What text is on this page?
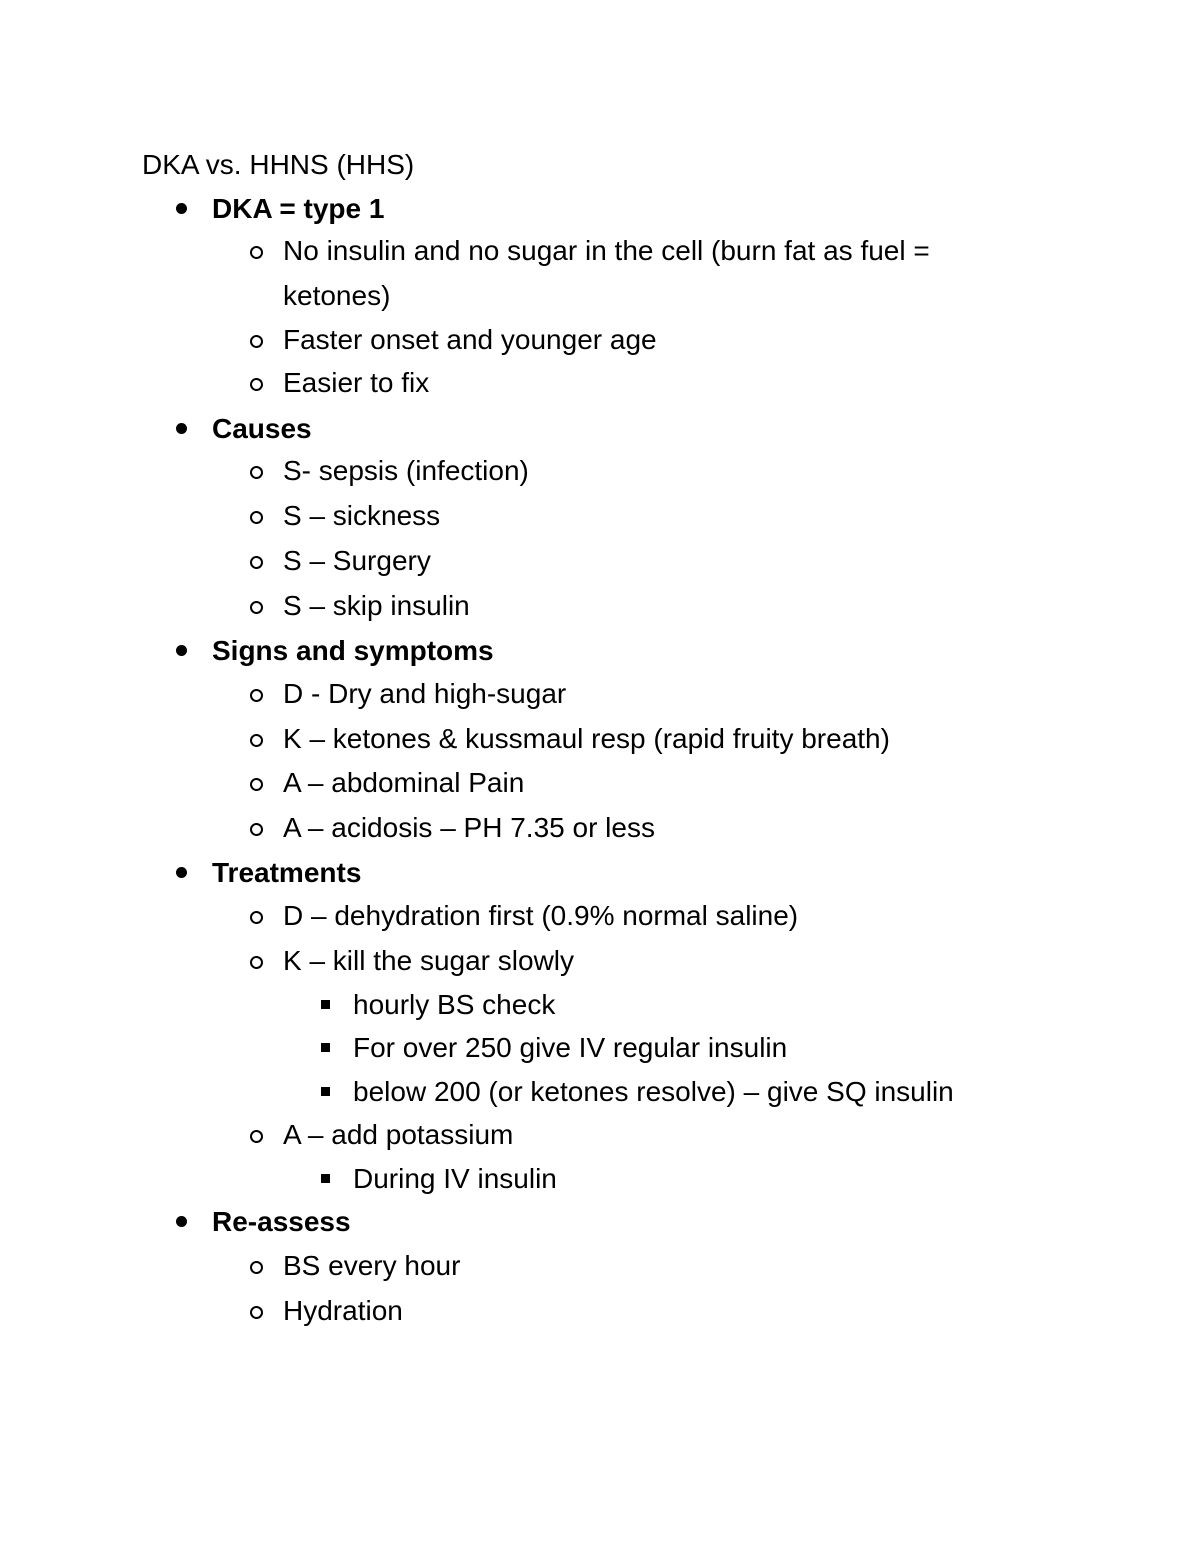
DKA vs. HHNS (HHS)
DKA = type 1
No insulin and no sugar in the cell (burn fat as fuel =
ketones)
Faster onset and younger age
Easier to fix
Causes
S- sepsis (infection)
S – sickness
S – Surgery
S – skip insulin
Signs and symptoms
D - Dry and high-sugar
K – ketones & kussmaul resp (rapid fruity breath)
A – abdominal Pain
A – acidosis – PH 7.35 or less
Treatments
D – dehydration first (0.9% normal saline)
K – kill the sugar slowly
hourly BS check
For over 250 give IV regular insulin
below 200 (or ketones resolve) – give SQ insulin
A – add potassium
During IV insulin
Re-assess
BS every hour
Hydration
